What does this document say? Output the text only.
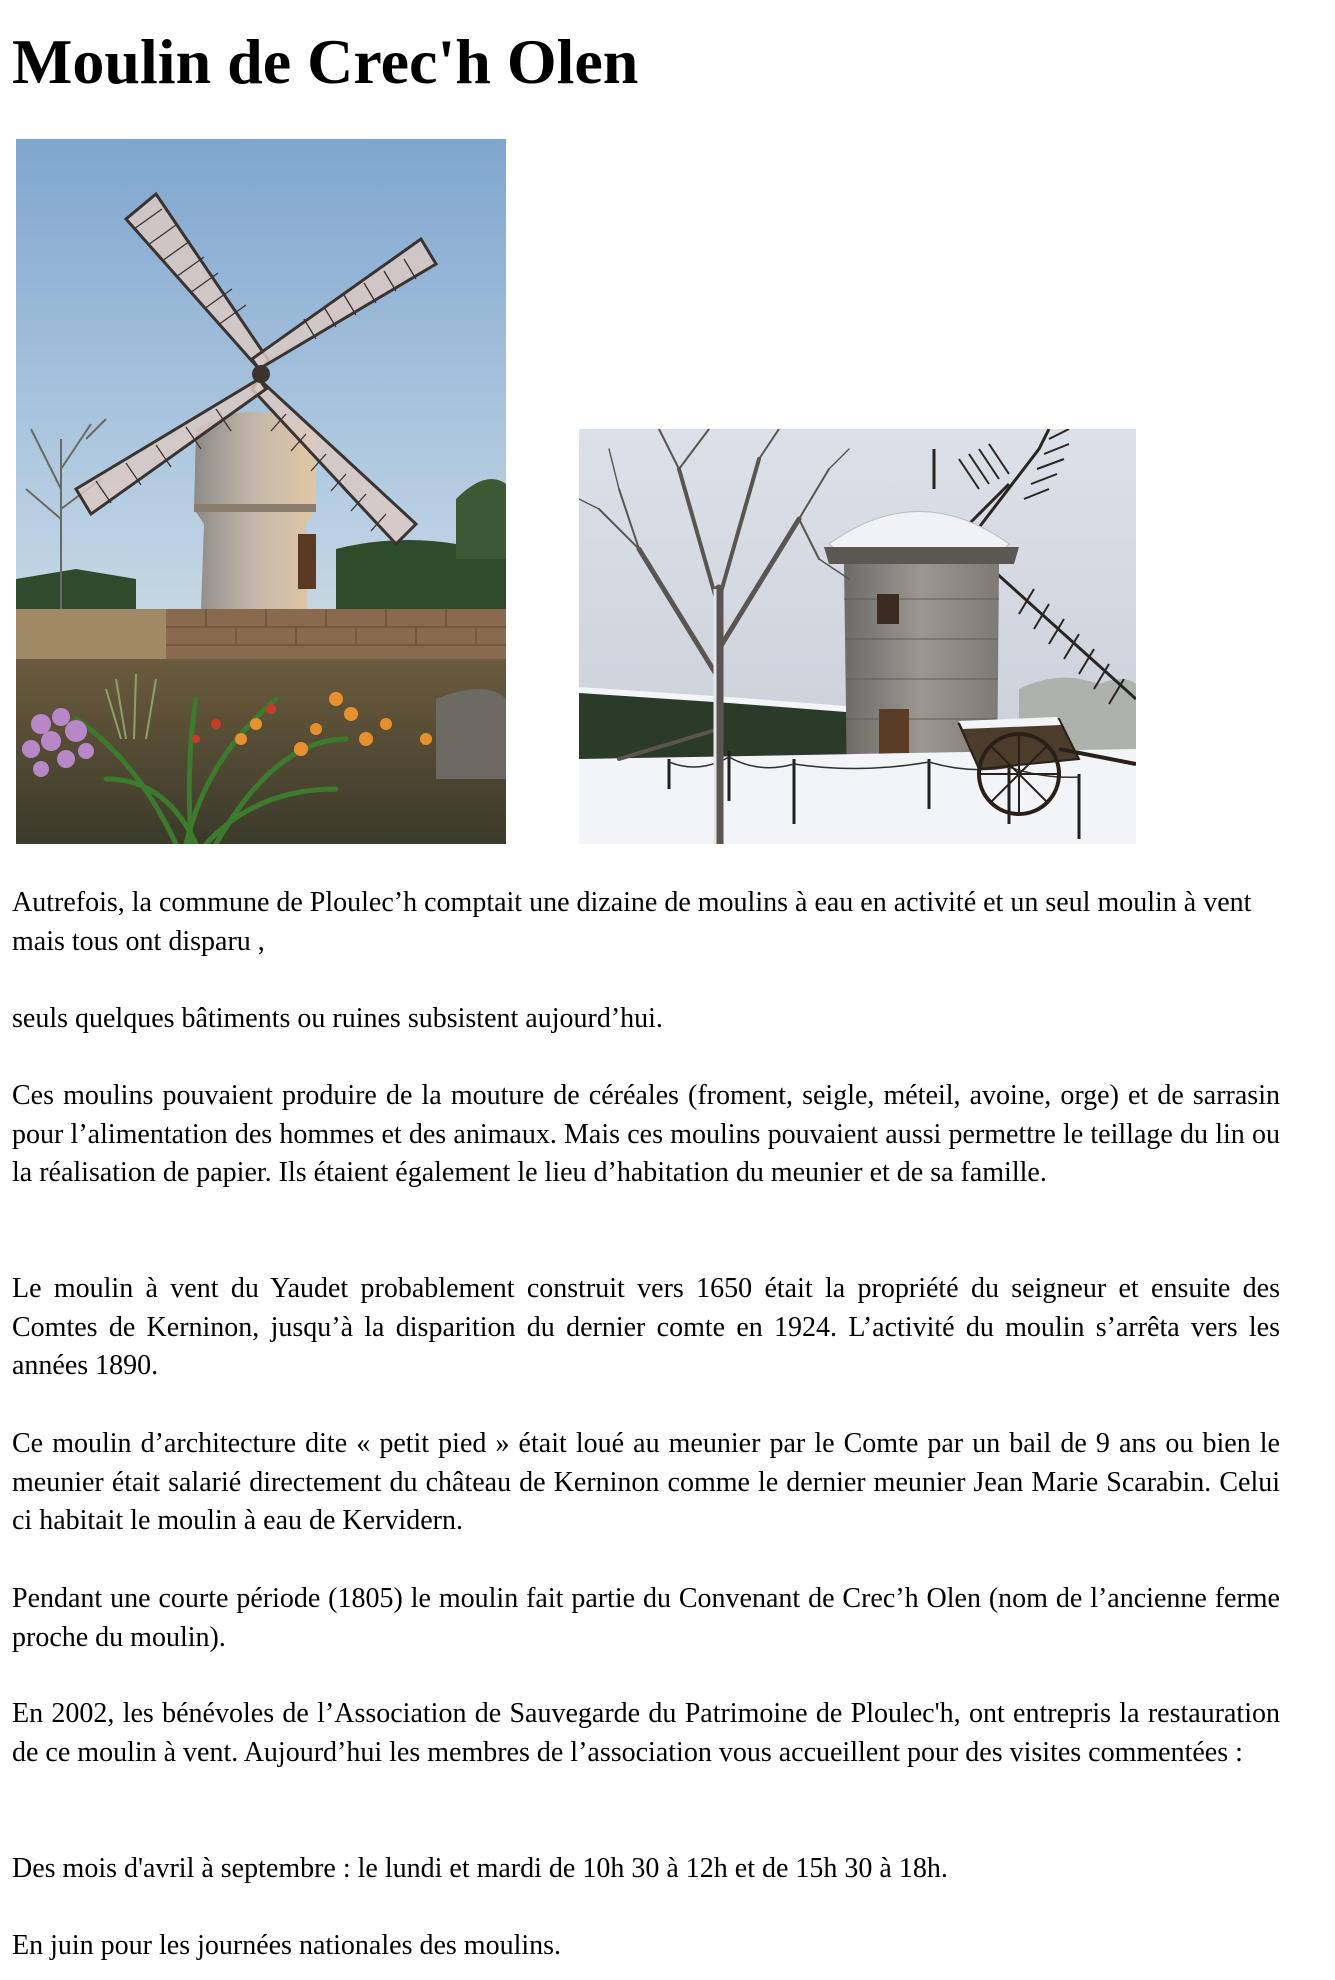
Moulin de Crec'h Olen

Autrefois, la commune de Ploulec’h comptait une dizaine de moulins à eau en activité et un seul moulin à vent mais tous ont disparu ,

seuls quelques bâtiments ou ruines subsistent aujourd’hui.

Ces moulins pouvaient produire de la mouture de céréales (froment, seigle, méteil, avoine, orge) et de sarrasin pour l’alimentation des hommes et des animaux. Mais ces moulins pouvaient aussi permettre le teillage du lin ou la réalisation de papier. Ils étaient également le lieu d’habitation du meunier et de sa famille.

Le moulin à vent du Yaudet probablement construit vers 1650 était la propriété du seigneur et ensuite des Comtes de Kerninon, jusqu’à la disparition du dernier comte en 1924. L’activité du moulin s’arrêta vers les années 1890.

Ce moulin d’architecture dite « petit pied » était loué au meunier par le Comte par un bail de 9 ans ou bien le meunier était salarié directement du château de Kerninon comme le dernier meunier Jean Marie Scarabin. Celui ci habitait le moulin à eau de Kervidern.

Pendant une courte période (1805) le moulin fait partie du Convenant de Crec’h Olen (nom de l’ancienne ferme proche du moulin).

En 2002, les bénévoles de l’Association de Sauvegarde du Patrimoine de Ploulec'h, ont entrepris la restauration de ce moulin à vent. Aujourd’hui les membres de l’association vous accueillent pour des visites commentées :

Des mois d'avril à septembre : le lundi et mardi de 10h 30 à 12h et de 15h 30 à 18h.

En juin pour les journées nationales des moulins.
